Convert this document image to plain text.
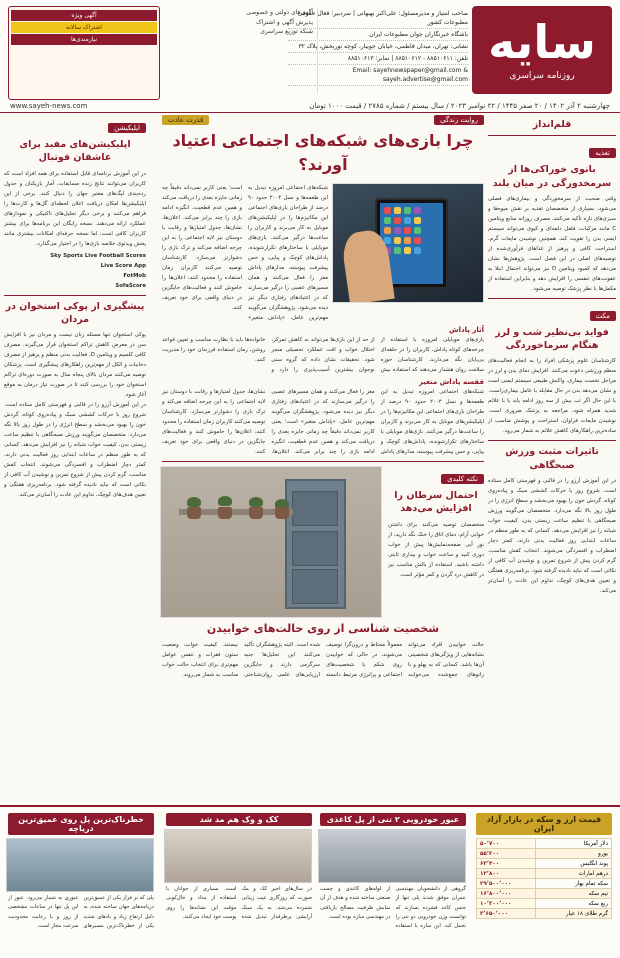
سایه
روزنامه سراسری
صاحب امتیاز و مدیرمسئول: علی‌اکبر بهبهانی | سردبیر: فعال حقوقی مطبوعات کشور
باشگاه خبرنگاران جوان مطبوعات ایران
نشانی: تهران، میدان فاطمی، خیابان جویبار، کوچه نوربخش، پلاک ۳۲
تلفن: ۸۸۵۱۰۶۱۱ - ۸۸۵۱۰۶۱۲ | نمابر: ۸۸۵۱۰۶۱۳
Email: sayehnewspaper@gmail.com & sayeh.advertise@gmail.com
آگهی‌های دولتی و خصوصی
پذیرش آگهی و اشتراک
شبکه توزیع سراسری
آگهی ویژه
اشتراک سالانه
نیازمندی‌ها
چهارشنبه ۲ آذر ۱۴۰۲ / ۲۰ صفر ۱۴۴۵ / ۲۲ نوامبر ۲۰۲۳ / سال بیستم / شماره ۲۷۸۵ / قیمت ۱۰۰۰ تومان
www.sayeh-news.com
قلم‌انداز
تغذیه
بانوی خوراکی‌ها از سرمخدورگی در میان بلند
وقتی صحبت از سرمخوردگی و بیماری‌های فصلی می‌شود، بسیاری از متخصصان تغذیه بر نقش میوه‌ها و سبزی‌های تازه تأکید می‌کنند. مصرف روزانه منابع ویتامین C مانند مرکبات، فلفل دلمه‌ای و کیوی می‌تواند سیستم ایمنی بدن را تقویت کند. همچنین نوشیدن مایعات گرم، استراحت کافی و پرهیز از غذاهای فرآوری‌شده از توصیه‌های اصلی در این فصل است. پژوهش‌ها نشان می‌دهد که کمبود ویتامین D نیز می‌تواند احتمال ابتلا به عفونت‌های تنفسی را افزایش دهد و بنابراین استفاده از مکمل‌ها با نظر پزشک توصیه می‌شود.
مکث
فواید بی‌نظیر شب و لرز هنگام سرماخوردگی
کارشناسان علوم پزشکی افراد را به انجام فعالیت‌های منظم ورزشی دعوت می‌کنند. افزایش دمای بدن و لرز در مراحل نخست بیماری، واکنش طبیعی سیستم ایمنی است و نشان می‌دهد بدن در حال مقابله با عامل بیماری‌زاست. با این حال اگر تب بیش از سه روز ادامه یابد یا با علائم شدید همراه شود، مراجعه به پزشک ضروری است. نوشیدن مایعات فراوان، استراحت و پوشش مناسب از ساده‌ترین راهکارهای کاهش علائم به شمار می‌رود.
تاثیرات مثبت ورزش صبحگاهی
در این آموزش آرزو را در قالبی و فهرستی کامل ستاده است. شروع روز با حرکات کششی سبک و پیاده‌روی کوتاه، گردش خون را بهبود می‌بخشد و سطح انرژی را در طول روز بالا نگه می‌دارد. متخصصان می‌گویند ورزش صبحگاهی با تنظیم ساعت زیستی بدن، کیفیت خواب شبانه را نیز افزایش می‌دهد. کسانی که به طور منظم در ساعات ابتدایی روز فعالیت بدنی دارند، کمتر دچار اضطراب و افسردگی می‌شوند. انتخاب کفش مناسب، گرم کردن پیش از شروع تمرین و نوشیدن آب کافی از نکاتی است که نباید نادیده گرفته شود. برنامه‌ریزی هفتگی و تعیین هدف‌های کوچک، تداوم این عادت را آسان‌تر می‌کند.
روایت زندگی
قدرت عادت
چرا بازی‌های شبکه‌های اجتماعی اعتیاد آورند؟
شبکه‌های اجتماعی امروزه تبدیل به این طعمه‌ها و نسل ۲۰۰۴ حدود ۹۰ درصد از طراحان بازی‌های اجتماعی این مکانیزم‌ها را در اپلیکیشن‌های موبایل به کار می‌برند و کاربران را ساعت‌ها درگیر می‌کنند. بازی‌های موبایلی با ساختارهای تکرارشونده، پاداش‌های کوچک و پیاپی، و حس پیشرفت پیوسته، مدارهای پاداش مغز را فعال می‌کنند و همان مسیرهای عصبی را درگیر می‌سازند که در اعتیادهای رفتاری دیگر نیز دیده می‌شود. پژوهشگران می‌گویند مهم‌ترین عامل، «پاداش متغیر» است؛ یعنی کاربر نمی‌داند دقیقاً چه زمانی جایزه بعدی را دریافت می‌کند و همین عدم قطعیت، انگیزه ادامه بازی را چند برابر می‌کند. اعلان‌ها، نشان‌ها، جدول امتیازها و رقابت با دوستان نیز لایه اجتماعی را به این چرخه اضافه می‌کند و ترک بازی را دشوارتر می‌سازد. کارشناسان توصیه می‌کنند کاربران زمان استفاده را محدود کنند، اعلان‌ها را خاموش کنند و فعالیت‌های جایگزین در دنیای واقعی برای خود تعریف کنند.
آثار پاداش
بازی‌های موبایلی امروزه با استفاده از چرخه‌های کوتاه پاداش، کاربران را در حلقه‌ای بی‌پایان نگه می‌دارند. کارشناسان حوزه سلامت روان هشدار می‌دهند که استفاده بیش از حد از این بازی‌ها می‌تواند به کاهش تمرکز، اختلال خواب و افت عملکرد تحصیلی منجر شود. تحقیقات نشان داده که گروه سنی نوجوان بیشترین آسیب‌پذیری را دارد و خانواده‌ها باید با نظارت مناسب و تعیین قواعد روشن، زمان استفاده فرزندان خود را مدیریت کنند.
قفسه پاداش متغیر
شبکه‌های اجتماعی امروزه تبدیل به این طعمه‌ها و نسل ۲۰۰۴ حدود ۹۰ درصد از طراحان بازی‌های اجتماعی این مکانیزم‌ها را در اپلیکیشن‌های موبایل به کار می‌برند و کاربران را ساعت‌ها درگیر می‌کنند. بازی‌های موبایلی با ساختارهای تکرارشونده، پاداش‌های کوچک و پیاپی، و حس پیشرفت پیوسته، مدارهای پاداش مغز را فعال می‌کنند و همان مسیرهای عصبی را درگیر می‌سازند که در اعتیادهای رفتاری دیگر نیز دیده می‌شود. پژوهشگران می‌گویند مهم‌ترین عامل، «پاداش متغیر» است؛ یعنی کاربر نمی‌داند دقیقاً چه زمانی جایزه بعدی را دریافت می‌کند و همین عدم قطعیت، انگیزه ادامه بازی را چند برابر می‌کند. اعلان‌ها، نشان‌ها، جدول امتیازها و رقابت با دوستان نیز لایه اجتماعی را به این چرخه اضافه می‌کند و ترک بازی را دشوارتر می‌سازد. کارشناسان توصیه می‌کنند کاربران زمان استفاده را محدود کنند، اعلان‌ها را خاموش کنند و فعالیت‌های جایگزین در دنیای واقعی برای خود تعریف کنند.
نکته کلیدی
احتمال سرطان را افزایش می‌دهد
متخصصان توصیه می‌کنند برای داشتن خوابی آرام، دمای اتاق را خنک نگه دارید، از نور آبی صفحه‌نمایش‌ها پیش از خواب دوری کنید و ساعت خواب و بیداری ثابتی داشته باشید. استفاده از بالش مناسب نیز در کاهش درد گردن و کمر مؤثر است.
شخصیت شناسی از روی حالت‌های خوابیدن
حالت خوابیدن افراد می‌تواند نشانه‌هایی از ویژگی‌های شخصیتی آن‌ها باشد. کسانی که به پهلو و با زانوهای جمع‌شده می‌خوابند معمولاً محتاط و درون‌گرا توصیف می‌شوند، در حالی که خوابیدن روی شکم با شخصیت‌های اجتماعی و پرانرژی مرتبط دانسته شده است. البته پژوهشگران تأکید می‌کنند این تحلیل‌ها جنبه سرگرمی دارند و جایگزین ارزیابی‌های علمی روان‌شناختی نیستند. کیفیت خواب، وضعیت ستون فقرات و تنفس عوامل مهم‌تری برای انتخاب حالت خواب مناسب به شمار می‌روند.
اپلیکیشن
اپلیکیشن‌های مفید برای عاشقان فوتبال
در این آموزش برنامه‌ای قابل استفاده برای همه افراد است که کاربران می‌توانند نتایج زنده مسابقات، آمار بازیکنان و جدول رده‌بندی لیگ‌های معتبر جهان را دنبال کنند. برخی از این اپلیکیشن‌ها امکان دریافت اعلان لحظه‌ای گل‌ها و کارت‌ها را فراهم می‌کنند و برخی دیگر تحلیل‌های تاکتیکی و نمودارهای عملکرد ارائه می‌دهند. نسخه رایگان این برنامه‌ها برای بیشتر کاربران کافی است، اما نسخه حرفه‌ای امکانات بیشتری مانند پخش ویدئوی خلاصه بازی‌ها را در اختیار می‌گذارد.
Sky Sports Live Football Scores
Live Score App
FotMob
SofaScore
پیشگیری از پوکی استخوان در مردان
پوکی استخوان تنها مسئله زنان نیست و مردان نیز با افزایش سن در معرض کاهش تراکم استخوان قرار می‌گیرند. مصرف کافی کلسیم و ویتامین D، فعالیت بدنی منظم و پرهیز از مصرف دخانیات و الکل از مهم‌ترین راهکارهای پیشگیری است. پزشکان توصیه می‌کنند مردان بالای پنجاه سال به صورت دوره‌ای تراکم استخوان خود را بررسی کنند تا در صورت نیاز درمان به موقع آغاز شود.
در این آموزش آرزو را در قالبی و فهرستی کامل ستاده است. شروع روز با حرکات کششی سبک و پیاده‌روی کوتاه، گردش خون را بهبود می‌بخشد و سطح انرژی را در طول روز بالا نگه می‌دارد. متخصصان می‌گویند ورزش صبحگاهی با تنظیم ساعت زیستی بدن، کیفیت خواب شبانه را نیز افزایش می‌دهد. کسانی که به طور منظم در ساعات ابتدایی روز فعالیت بدنی دارند، کمتر دچار اضطراب و افسردگی می‌شوند. انتخاب کفش مناسب، گرم کردن پیش از شروع تمرین و نوشیدن آب کافی از نکاتی است که نباید نادیده گرفته شود. برنامه‌ریزی هفتگی و تعیین هدف‌های کوچک، تداوم این عادت را آسان‌تر می‌کند.
قیمت ارز و سکه در بازار آزاد ایران
دلار آمریکا	۵۰٬۷۰۰
یورو	۵۵٬۲۰۰
پوند انگلیس	۶۳٬۴۰۰
درهم امارات	۱۳٬۸۰۰
سکه تمام بهار	۲۹٬۵۰۰٬۰۰۰
نیم سکه	۱۶٬۸۰۰٬۰۰۰
ربع سکه	۱۰٬۲۰۰٬۰۰۰
گرم طلای ۱۸ عیار	۲٬۶۵۰٬۰۰۰
عبور خودرویی ۲ تنی از پل کاغذی
گروهی از دانشجویان مهندسی عمران موفق شدند پلی تنها از جنس کاغذ فشرده بسازند که توانست وزن خودرویی دو تنی را تحمل کند. این سازه با استفاده از لوله‌های کاغذی و چسب صنعتی ساخته شده و هدف از آن نمایش ظرفیت مصالح بازیافتی در مهندسی سازه بوده است.
کک و وک هم مد شد
در سال‌های اخیر کک و مک صورت که روزگاری عیب زیبایی شمرده می‌شد، به یک سبک آرایشی پرطرفدار تبدیل شده است. بسیاری از جوانان با استفاده از مداد و خال‌کوبی موقت این نشانه‌ها را روی پوست خود ایجاد می‌کنند.
خطرناک‌ترین پل روی عمیق‌ترین دریاچه
پلی که بر فراز یکی از عمیق‌ترین دریاچه‌های جهان ساخته شده، به دلیل ارتفاع زیاد و بادهای شدید یکی از خطرناک‌ترین مسیرهای عبوری به شمار می‌رود. عبور از این پل تنها در ساعات مشخصی از روز و با رعایت محدودیت سرعت مجاز است.
